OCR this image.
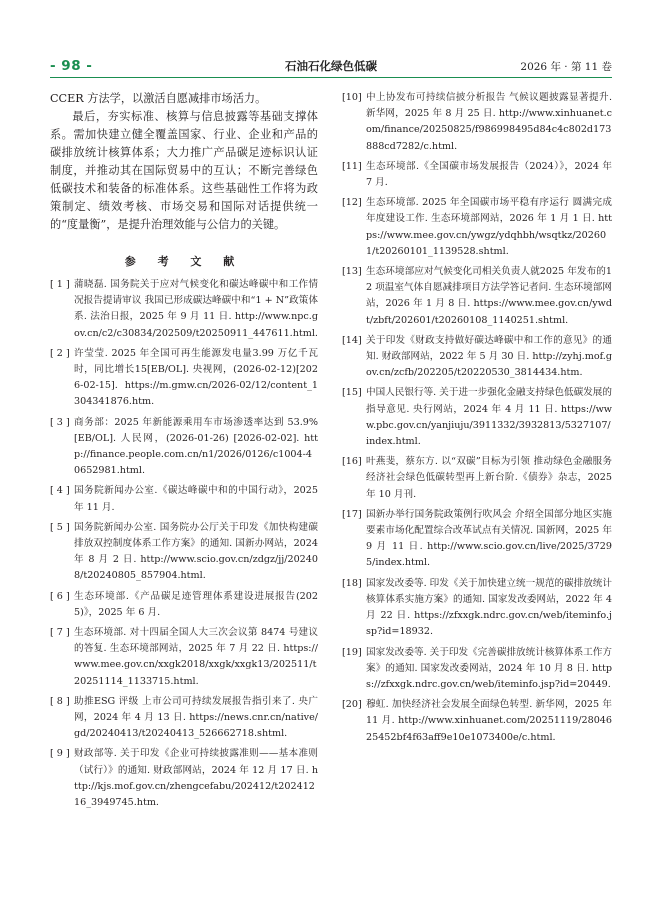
- 98 -	石油石化绿色低碳	2026 年 · 第 11 卷

CCER 方法学，以激活自愿减排市场活力。

最后，夯实标准、核算与信息披露等基础支撑体系。需加快建立健全覆盖国家、行业、企业和产品的碳排放统计核算体系；大力推广产品碳足迹标识认证制度，并推动其在国际贸易中的互认；不断完善绿色低碳技术和装备的标准体系。这些基础性工作将为政策制定、绩效考核、市场交易和国际对话提供统一的“度量衡”，是提升治理效能与公信力的关键。

参 考 文 献
[ 1 ] 蒲晓磊. 国务院关于应对气候变化和碳达峰碳中和工作情况报告提请审议 我国已形成碳达峰碳中和“1 + N”政策体系. 法治日报，2025 年 9 月 11 日. http://www.npc.gov.cn/c2/c30834/202509/t20250911_447611.html.
[ 2 ] 许莹莹. 2025 年全国可再生能源发电量3.99 万亿千瓦时，同比增长15[EB/OL]. 央视网，(2026-02-12)[2026-02-15]. https://m.gmw.cn/2026-02/12/content_1304341876.htm.
[ 3 ] 商务部：2025 年新能源乘用车市场渗透率达到 53.9%[EB/OL]. 人民网，(2026-01-26) [2026-02-02]. http://finance.people.com.cn/n1/2026/0126/c1004-40652981.html.
[ 4 ] 国务院新闻办公室.《碳达峰碳中和的中国行动》，2025 年 11 月.
[ 5 ] 国务院新闻办公室. 国务院办公厅关于印发《加快构建碳排放双控制度体系工作方案》的通知. 国新办网站，2024 年 8 月 2 日. http://www.scio.gov.cn/zdgz/jj/202408/t20240805_857904.html.
[ 6 ] 生态环境部.《产品碳足迹管理体系建设进展报告(2025)》，2025 年 6 月.
[ 7 ] 生态环境部. 对十四届全国人大三次会议第 8474 号建议的答复. 生态环境部网站，2025 年 7 月 22 日. https://www.mee.gov.cn/xxgk2018/xxgk/xxgk13/202511/t20251114_1133715.html.
[ 8 ] 助推ESG 评级 上市公司可持续发展报告指引来了. 央广网，2024 年 4 月 13 日. https://news.cnr.cn/native/gd/20240413/t20240413_526662718.shtml.
[ 9 ] 财政部等. 关于印发《企业可持续披露准则——基本准则（试行）》的通知. 财政部网站，2024 年 12 月 17 日. http://kjs.mof.gov.cn/zhengcefabu/202412/t20241216_3949745.htm.
[10] 中上协发布可持续信披分析报告 气候议题披露显著提升. 新华网，2025 年 8 月 25 日. http://www.xinhuanet.com/finance/20250825/f986998495d84c4c802d173888cd7282/c.html.
[11] 生态环境部.《全国碳市场发展报告（2024）》，2024 年 7 月.
[12] 生态环境部. 2025 年全国碳市场平稳有序运行 圆满完成年度建设工作. 生态环境部网站，2026 年 1 月 1 日. https://www.mee.gov.cn/ywgz/ydqhbh/wsqtkz/202601/t20260101_1139528.shtml.
[13] 生态环境部应对气候变化司相关负责人就2025 年发布的12 项温室气体自愿减排项目方法学答记者问. 生态环境部网站，2026 年 1 月 8 日. https://www.mee.gov.cn/ywdt/zbft/202601/t20260108_1140251.shtml.
[14] 关于印发《财政支持做好碳达峰碳中和工作的意见》的通知. 财政部网站，2022 年 5 月 30 日. http://zyhj.mof.gov.cn/zcfb/202205/t20220530_3814434.htm.
[15] 中国人民银行等. 关于进一步强化金融支持绿色低碳发展的指导意见. 央行网站，2024 年 4 月 11 日. https://www.pbc.gov.cn/yanjiuju/3911332/3932813/5327107/index.html.
[16] 叶燕斐，蔡东方. 以“双碳”目标为引领 推动绿色金融服务经济社会绿色低碳转型再上新台阶.《债券》杂志，2025 年 10 月刊.
[17] 国新办举行国务院政策例行吹风会 介绍全国部分地区实施要素市场化配置综合改革试点有关情况. 国新网，2025 年 9 月 11 日. http://www.scio.gov.cn/live/2025/37295/index.html.
[18] 国家发改委等. 印发《关于加快建立统一规范的碳排放统计核算体系实施方案》的通知. 国家发改委网站，2022 年 4 月 22 日. https://zfxxgk.ndrc.gov.cn/web/iteminfo.jsp?id=18932.
[19] 国家发改委等. 关于印发《完善碳排放统计核算体系工作方案》的通知. 国家发改委网站，2024 年 10 月 8 日. https://zfxxgk.ndrc.gov.cn/web/iteminfo.jsp?id=20449.
[20] 穆虹. 加快经济社会发展全面绿色转型. 新华网，2025 年 11 月. http://www.xinhuanet.com/20251119/2804625452bf4f63aff9e10e1073400e/c.html.
